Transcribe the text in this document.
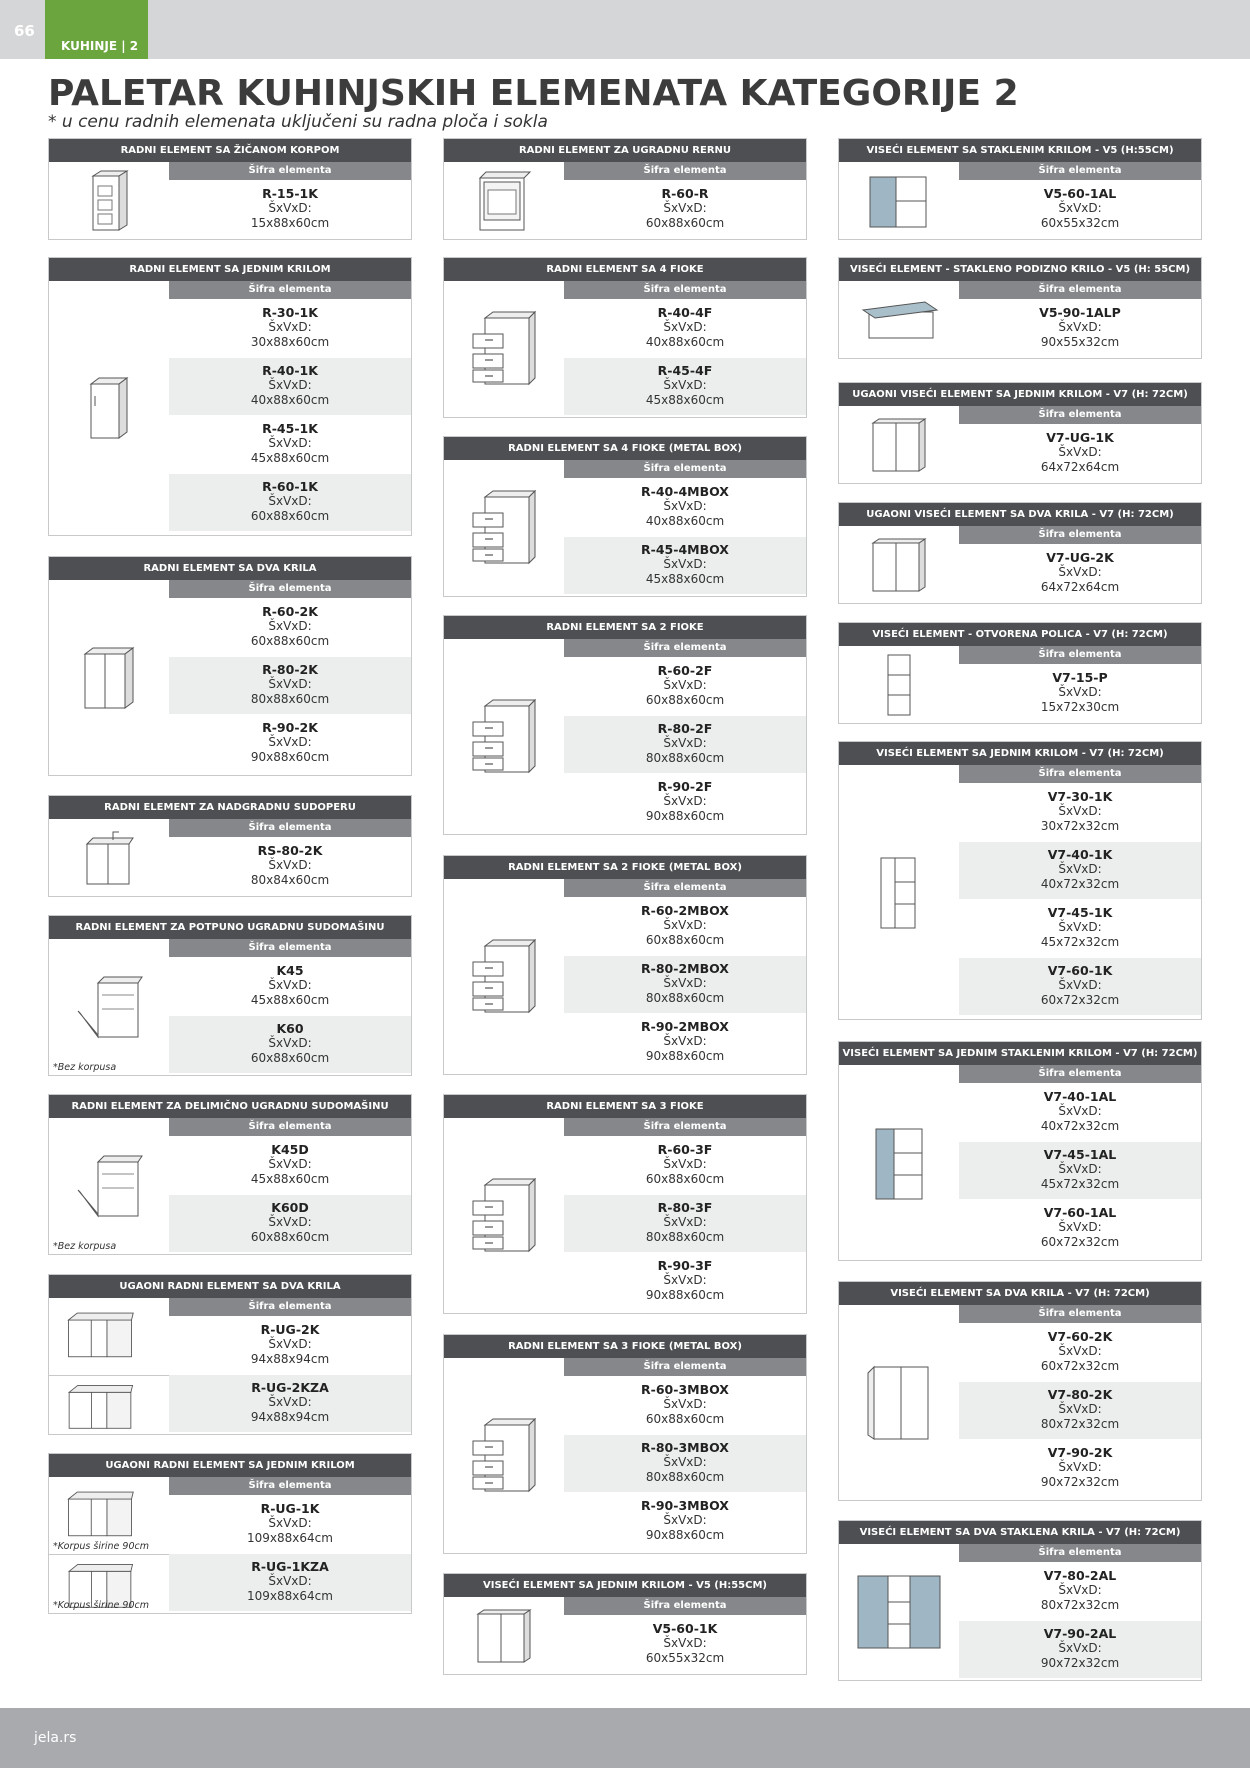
66
KUHINJE | 2
PALETAR KUHINJSKIH ELEMENATA KATEGORIJE 2
* u cenu radnih elemenata uključeni su radna ploča i sokla
RADNI ELEMENT SA ŽIČANOM KORPOM
Šifra elementa
R-15-1K
ŠxVxD:
15x88x60cm
RADNI ELEMENT SA JEDNIM KRILOM
Šifra elementa
R-30-1K
ŠxVxD:
30x88x60cm
R-40-1K
ŠxVxD:
40x88x60cm
R-45-1K
ŠxVxD:
45x88x60cm
R-60-1K
ŠxVxD:
60x88x60cm
RADNI ELEMENT SA DVA KRILA
Šifra elementa
R-60-2K
ŠxVxD:
60x88x60cm
R-80-2K
ŠxVxD:
80x88x60cm
R-90-2K
ŠxVxD:
90x88x60cm
RADNI ELEMENT ZA NADGRADNU SUDOPERU
Šifra elementa
RS-80-2K
ŠxVxD:
80x84x60cm
RADNI ELEMENT ZA POTPUNO UGRADNU SUDOMAŠINU
Šifra elementa
K45
ŠxVxD:
45x88x60cm
K60
ŠxVxD:
60x88x60cm
*Bez korpusa
RADNI ELEMENT ZA DELIMIČNO UGRADNU SUDOMAŠINU
Šifra elementa
K45D
ŠxVxD:
45x88x60cm
K60D
ŠxVxD:
60x88x60cm
*Bez korpusa
UGAONI RADNI ELEMENT SA DVA KRILA
Šifra elementa
R-UG-2K
ŠxVxD:
94x88x94cm
R-UG-2KZA
ŠxVxD:
94x88x94cm
UGAONI RADNI ELEMENT SA JEDNIM KRILOM
Šifra elementa
R-UG-1K
ŠxVxD:
109x88x64cm
R-UG-1KZA
ŠxVxD:
109x88x64cm
*Korpus širine 90cm
*Korpus širine 90cm
RADNI ELEMENT ZA UGRADNU RERNU
Šifra elementa
R-60-R
ŠxVxD:
60x88x60cm
RADNI ELEMENT SA 4 FIOKE
Šifra elementa
R-40-4F
ŠxVxD:
40x88x60cm
R-45-4F
ŠxVxD:
45x88x60cm
RADNI ELEMENT SA 4 FIOKE (METAL BOX)
Šifra elementa
R-40-4MBOX
ŠxVxD:
40x88x60cm
R-45-4MBOX
ŠxVxD:
45x88x60cm
RADNI ELEMENT SA 2 FIOKE
Šifra elementa
R-60-2F
ŠxVxD:
60x88x60cm
R-80-2F
ŠxVxD:
80x88x60cm
R-90-2F
ŠxVxD:
90x88x60cm
RADNI ELEMENT SA 2 FIOKE (METAL BOX)
Šifra elementa
R-60-2MBOX
ŠxVxD:
60x88x60cm
R-80-2MBOX
ŠxVxD:
80x88x60cm
R-90-2MBOX
ŠxVxD:
90x88x60cm
RADNI ELEMENT SA 3 FIOKE
Šifra elementa
R-60-3F
ŠxVxD:
60x88x60cm
R-80-3F
ŠxVxD:
80x88x60cm
R-90-3F
ŠxVxD:
90x88x60cm
RADNI ELEMENT SA 3 FIOKE (METAL BOX)
Šifra elementa
R-60-3MBOX
ŠxVxD:
60x88x60cm
R-80-3MBOX
ŠxVxD:
80x88x60cm
R-90-3MBOX
ŠxVxD:
90x88x60cm
VISEĆI ELEMENT SA JEDNIM KRILOM - V5 (H:55CM)
Šifra elementa
V5-60-1K
ŠxVxD:
60x55x32cm
VISEĆI ELEMENT SA STAKLENIM KRILOM - V5 (H:55CM)
Šifra elementa
V5-60-1AL
ŠxVxD:
60x55x32cm
VISEĆI ELEMENT - STAKLENO PODIZNO KRILO - V5 (H: 55CM)
Šifra elementa
V5-90-1ALP
ŠxVxD:
90x55x32cm
UGAONI VISEĆI ELEMENT SA JEDNIM KRILOM - V7 (H: 72CM)
Šifra elementa
V7-UG-1K
ŠxVxD:
64x72x64cm
UGAONI VISEĆI ELEMENT SA DVA KRILA - V7 (H: 72CM)
Šifra elementa
V7-UG-2K
ŠxVxD:
64x72x64cm
VISEĆI ELEMENT - OTVORENA POLICA - V7 (H: 72CM)
Šifra elementa
V7-15-P
ŠxVxD:
15x72x30cm
VISEĆI ELEMENT SA JEDNIM KRILOM - V7 (H: 72CM)
Šifra elementa
V7-30-1K
ŠxVxD:
30x72x32cm
V7-40-1K
ŠxVxD:
40x72x32cm
V7-45-1K
ŠxVxD:
45x72x32cm
V7-60-1K
ŠxVxD:
60x72x32cm
VISEĆI ELEMENT SA JEDNIM STAKLENIM KRILOM - V7 (H: 72CM)
Šifra elementa
V7-40-1AL
ŠxVxD:
40x72x32cm
V7-45-1AL
ŠxVxD:
45x72x32cm
V7-60-1AL
ŠxVxD:
60x72x32cm
VISEĆI ELEMENT SA DVA KRILA - V7 (H: 72CM)
Šifra elementa
V7-60-2K
ŠxVxD:
60x72x32cm
V7-80-2K
ŠxVxD:
80x72x32cm
V7-90-2K
ŠxVxD:
90x72x32cm
VISEĆI ELEMENT SA DVA STAKLENA KRILA - V7 (H: 72CM)
Šifra elementa
V7-80-2AL
ŠxVxD:
80x72x32cm
V7-90-2AL
ŠxVxD:
90x72x32cm
jela.rs
